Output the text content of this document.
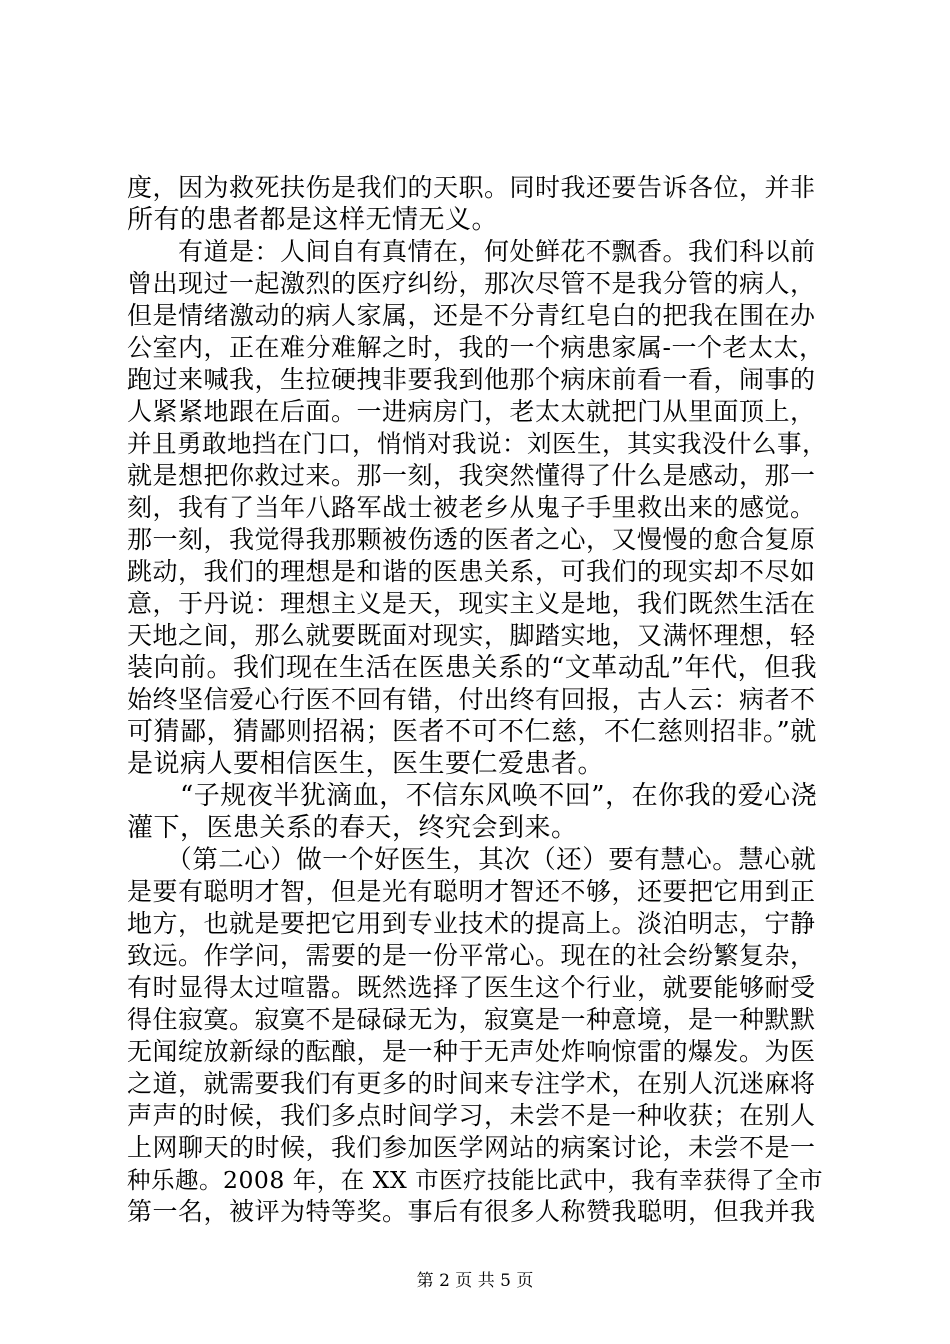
度，因为救死扶伤是我们的天职。同时我还要告诉各位，并非
所有的患者都是这样无情无义。
　　有道是：人间自有真情在，何处鲜花不飘香。我们科以前
曾出现过一起激烈的医疗纠纷，那次尽管不是我分管的病人，
但是情绪激动的病人家属，还是不分青红皂白的把我在围在办
公室内，正在难分难解之时，我的一个病患家属-一个老太太，
跑过来喊我，生拉硬拽非要我到他那个病床前看一看，闹事的
人紧紧地跟在后面。一进病房门，老太太就把门从里面顶上，
并且勇敢地挡在门口，悄悄对我说：刘医生，其实我没什么事，
就是想把你救过来。那一刻，我突然懂得了什么是感动，那一
刻，我有了当年八路军战士被老乡从鬼子手里救出来的感觉。
那一刻，我觉得我那颗被伤透的医者之心，又慢慢的愈合复原
跳动，我们的理想是和谐的医患关系，可我们的现实却不尽如
意，于丹说：理想主义是天，现实主义是地，我们既然生活在
天地之间，那么就要既面对现实，脚踏实地，又满怀理想，轻
装向前。我们现在生活在医患关系的“文革动乱”年代，但我
始终坚信爱心行医不回有错，付出终有回报，古人云：病者不
可猜鄙，猜鄙则招祸；医者不可不仁慈，不仁慈则招非。”就
是说病人要相信医生，医生要仁爱患者。
　　“子规夜半犹滴血，不信东风唤不回”，在你我的爱心浇
灌下，医患关系的春天，终究会到来。
　　（第二心）做一个好医生，其次（还）要有慧心。慧心就
是要有聪明才智，但是光有聪明才智还不够，还要把它用到正
地方，也就是要把它用到专业技术的提高上。淡泊明志，宁静
致远。作学问，需要的是一份平常心。现在的社会纷繁复杂，
有时显得太过喧嚣。既然选择了医生这个行业，就要能够耐受
得住寂寞。寂寞不是碌碌无为，寂寞是一种意境，是一种默默
无闻绽放新绿的酝酿，是一种于无声处炸响惊雷的爆发。为医
之道，就需要我们有更多的时间来专注学术，在别人沉迷麻将
声声的时候，我们多点时间学习，未尝不是一种收获；在别人
上网聊天的时候，我们参加医学网站的病案讨论，未尝不是一
种乐趣。2008 年，在 XX 市医疗技能比武中，我有幸获得了全市
第一名，被评为特等奖。事后有很多人称赞我聪明，但我并我
第 2 页 共 5 页
